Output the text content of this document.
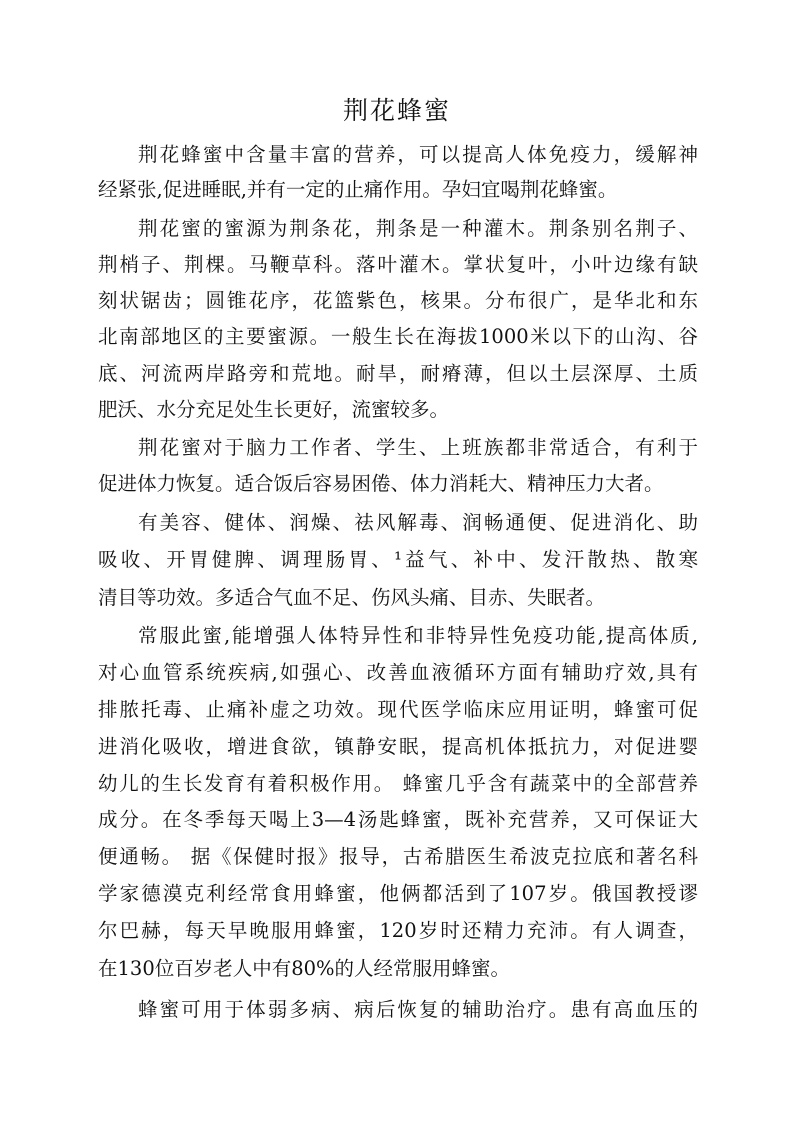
荆花蜂蜜

荆花蜂蜜中含量丰富的营养，可以提高人体免疫力，缓解神

经紧张,促进睡眠,并有一定的止痛作用。孕妇宜喝荆花蜂蜜。

荆花蜜的蜜源为荆条花，荆条是一种灌木。荆条别名荆子、

荆梢子、荆棵。马鞭草科。落叶灌木。掌状复叶，小叶边缘有缺

刻状锯齿；圆锥花序，花篮紫色，核果。分布很广，是华北和东

北南部地区的主要蜜源。一般生长在海拔1000米以下的山沟、谷

底、河流两岸路旁和荒地。耐旱，耐瘠薄，但以土层深厚、土质

肥沃、水分充足处生长更好，流蜜较多。

荆花蜜对于脑力工作者、学生、上班族都非常适合，有利于

促进体力恢复。适合饭后容易困倦、体力消耗大、精神压力大者。

有美容、健体、润燥、祛风解毒、润畅通便、促进消化、助

吸收、开胃健脾、调理肠胃、¹益气、补中、发汗散热、散寒

清目等功效。多适合气血不足、伤风头痛、目赤、失眠者。

常服此蜜,能增强人体特异性和非特异性免疫功能,提高体质,

对心血管系统疾病,如强心、改善血液循环方面有辅助疗效,具有

排脓托毒、止痛补虚之功效。现代医学临床应用证明，蜂蜜可促

进消化吸收，增进食欲，镇静安眠，提高机体抵抗力，对促进婴

幼儿的生长发育有着积极作用。 蜂蜜几乎含有蔬菜中的全部营养

成分。在冬季每天喝上3—4汤匙蜂蜜，既补充营养，又可保证大

便通畅。 据《保健时报》报导，古希腊医生希波克拉底和著名科

学家德漠克利经常食用蜂蜜，他俩都活到了107岁。俄国教授谬

尔巴赫，每天早晚服用蜂蜜，120岁时还精力充沛。有人调查，

在130位百岁老人中有80%的人经常服用蜂蜜。

蜂蜜可用于体弱多病、病后恢复的辅助治疗。患有高血压的
